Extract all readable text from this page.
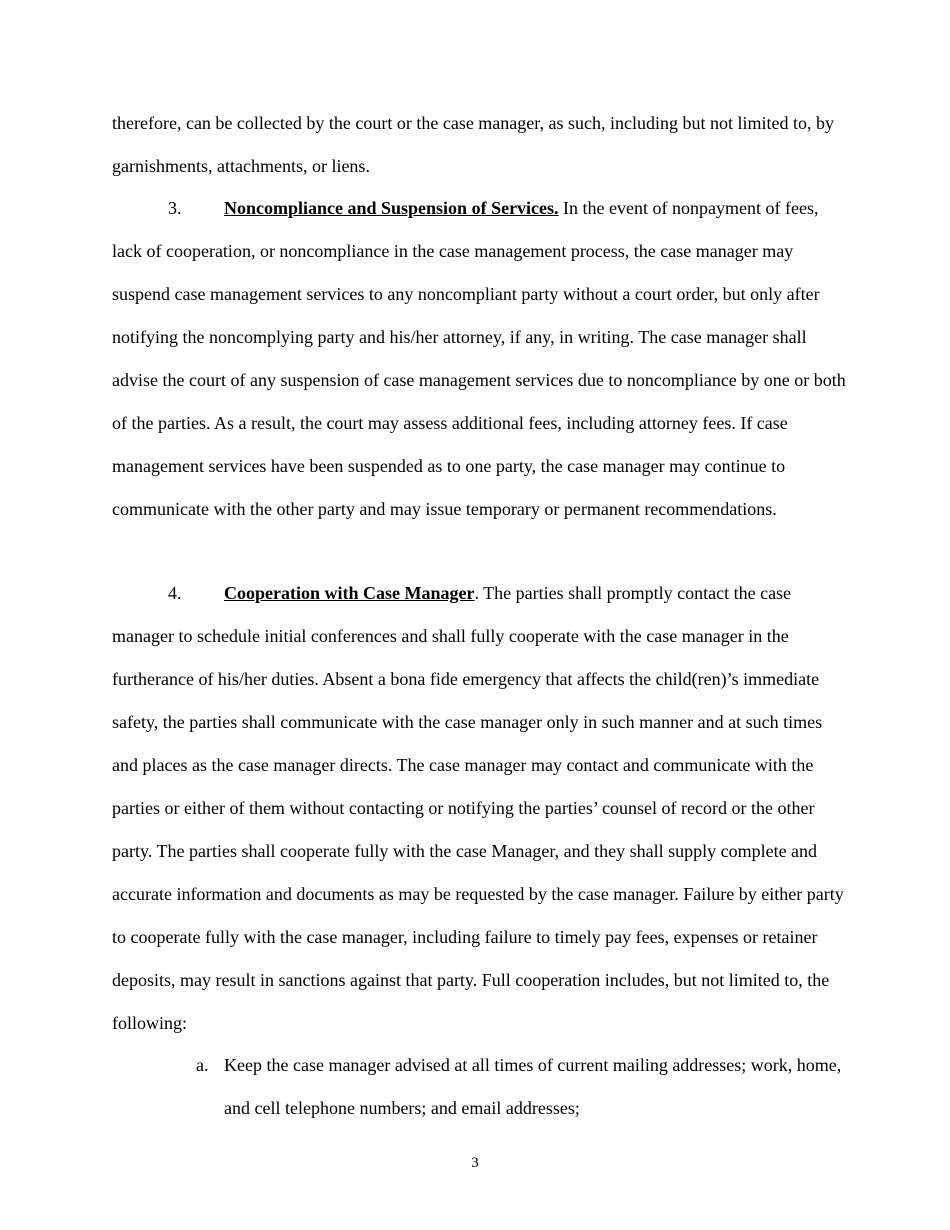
therefore, can be collected by the court or the case manager, as such, including but not limited to, by garnishments, attachments, or liens.
3. Noncompliance and Suspension of Services. In the event of nonpayment of fees, lack of cooperation, or noncompliance in the case management process, the case manager may suspend case management services to any noncompliant party without a court order, but only after notifying the noncomplying party and his/her attorney, if any, in writing. The case manager shall advise the court of any suspension of case management services due to noncompliance by one or both of the parties. As a result, the court may assess additional fees, including attorney fees. If case management services have been suspended as to one party, the case manager may continue to communicate with the other party and may issue temporary or permanent recommendations.
4. Cooperation with Case Manager. The parties shall promptly contact the case manager to schedule initial conferences and shall fully cooperate with the case manager in the furtherance of his/her duties. Absent a bona fide emergency that affects the child(ren)’s immediate safety, the parties shall communicate with the case manager only in such manner and at such times and places as the case manager directs. The case manager may contact and communicate with the parties or either of them without contacting or notifying the parties’ counsel of record or the other party. The parties shall cooperate fully with the case Manager, and they shall supply complete and accurate information and documents as may be requested by the case manager. Failure by either party to cooperate fully with the case manager, including failure to timely pay fees, expenses or retainer deposits, may result in sanctions against that party. Full cooperation includes, but not limited to, the following:
a. Keep the case manager advised at all times of current mailing addresses; work, home, and cell telephone numbers; and email addresses;
3
